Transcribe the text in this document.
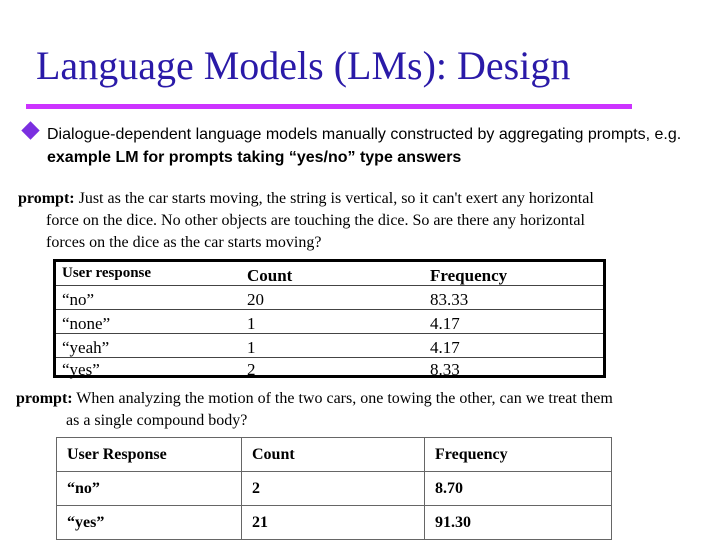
Language Models (LMs): Design
Dialogue-dependent language models manually constructed by aggregating prompts, e.g. example LM for prompts taking “yes/no” type answers
prompt: Just as the car starts moving, the string is vertical, so it can't exert any horizontal
force on the dice. No other objects are touching the dice. So are there any horizontal
forces on the dice as the car starts moving?
User response	Count	Frequency
“no”	20	83.33
“none”	1	4.17
“yeah”	1	4.17
“yes”	2	8.33
prompt: When analyzing the motion of the two cars, one towing the other, can we treat them
as a single compound body?
User Response	Count	Frequency
“no”	2	8.70
“yes”	21	91.30
